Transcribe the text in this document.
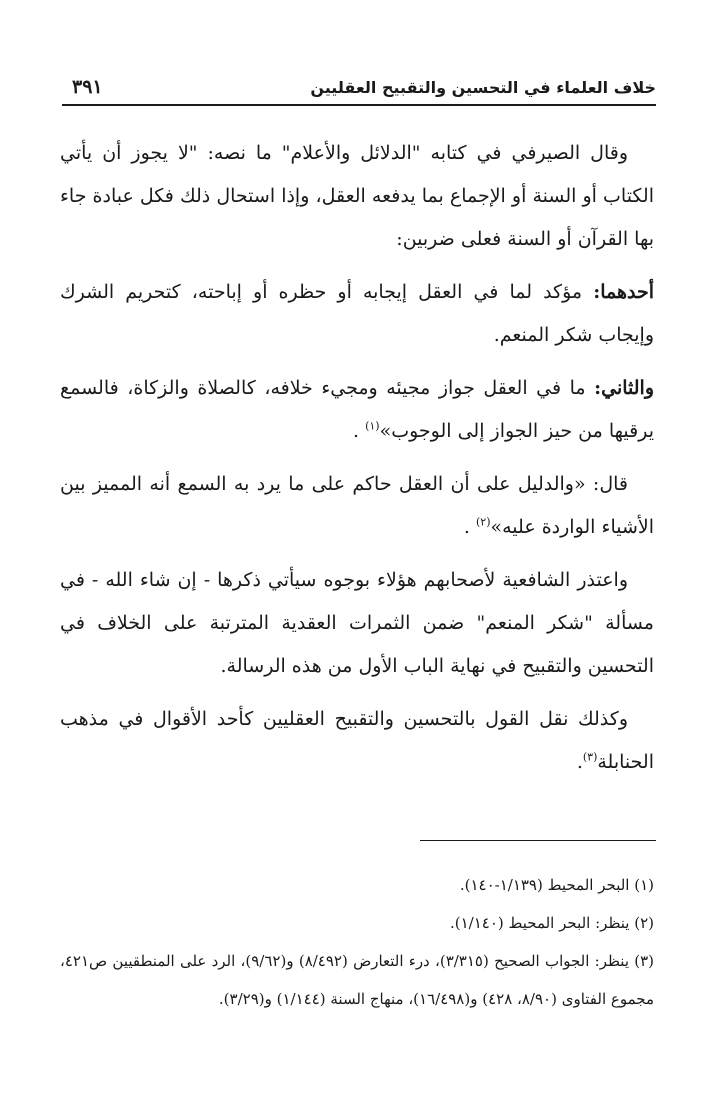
خلاف العلماء في التحسين والتقبيح العقليين
٣٩١

وقال الصيرفي في كتابه "الدلائل والأعلام" ما نصه: "لا يجوز أن يأتي الكتاب أو السنة أو الإجماع بما يدفعه العقل، وإذا استحال ذلك فكل عبادة جاء بها القرآن أو السنة فعلى ضربين:

أحدهما: مؤكد لما في العقل إيجابه أو حظره أو إباحته، كتحريم الشرك وإيجاب شكر المنعم.

والثاني: ما في العقل جواز مجيئه ومجيء خلافه، كالصلاة والزكاة، فالسمع يرقيها من حيز الجواز إلى الوجوب»$^{(١)}$ .

قال: «والدليل على أن العقل حاكم على ما يرد به السمع أنه المميز بين الأشياء الواردة عليه»$^{(٢)}$ .

واعتذر الشافعية لأصحابهم هؤلاء بوجوه سيأتي ذكرها - إن شاء الله - في مسألة "شكر المنعم" ضمن الثمرات العقدية المترتبة على الخلاف في التحسين والتقبيح في نهاية الباب الأول من هذه الرسالة.

وكذلك نقل القول بالتحسين والتقبيح العقليين كأحد الأقوال في مذهب الحنابلة$^{(٣)}$.

(١) البحر المحيط (١/١٣٩-١٤٠).

(٢) ينظر: البحر المحيط (١/١٤٠).

(٣) ينظر: الجواب الصحيح (٣/٣١٥)، درء التعارض (٨/٤٩٢) و(٩/٦٢)، الرد على المنطقيين ص٤٢١، مجموع الفتاوى (٨/٩٠، ٤٢٨) و(١٦/٤٩٨)، منهاج السنة (١/١٤٤) و(٣/٢٩).
